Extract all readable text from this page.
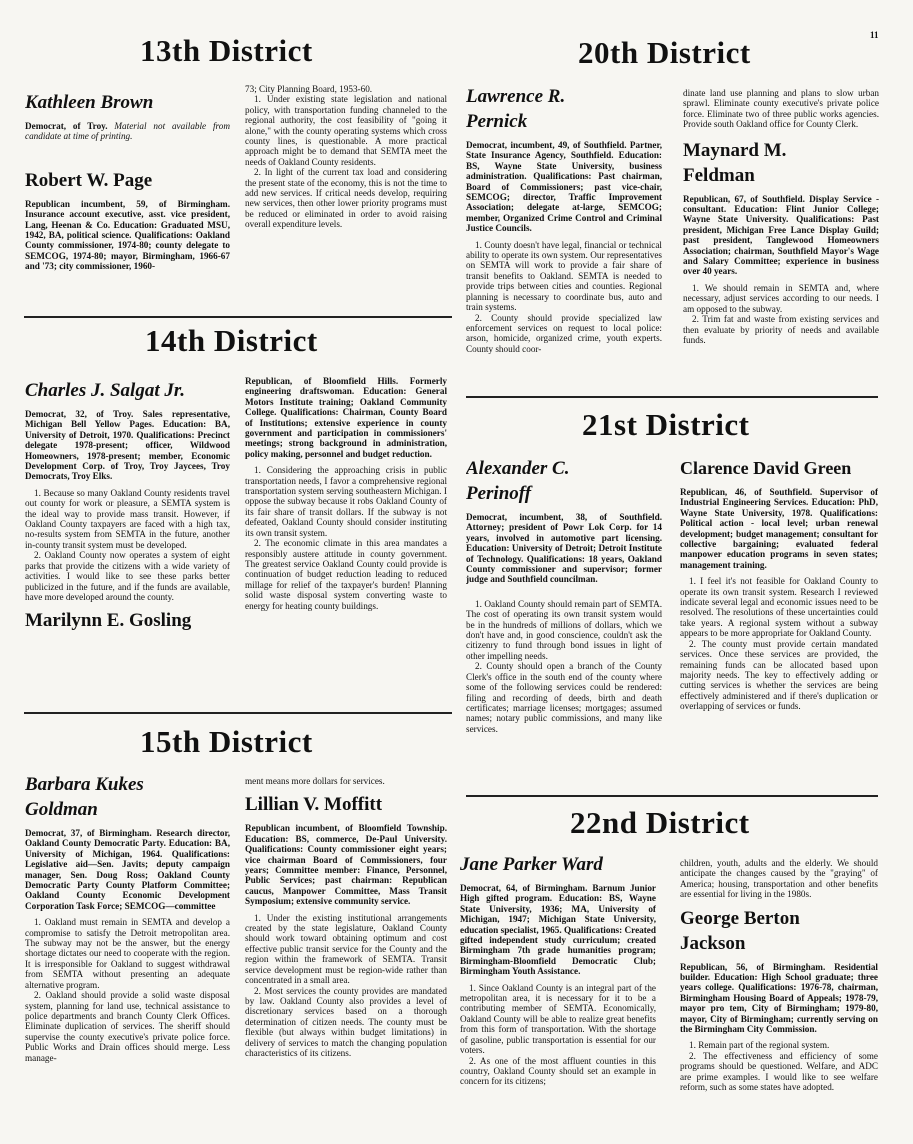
11
13th District
Kathleen Brown

Democrat, of Troy. Material not available from candidate at time of printing.

Robert W. Page

Republican incumbent, 59, of Birmingham. Insurance account executive, asst. vice president, Lang, Heenan & Co. Education: Graduated MSU, 1942, BA, political science. Qualifications: Oakland County commissioner, 1974-80; county delegate to SEMCOG, 1974-80; mayor, Birmingham, 1966-67 and '73; city commissioner, 1960-

73; City Planning Board, 1953-60.

1. Under existing state legislation and national policy, with transportation funding channeled to the regional authority, the cost feasibility of "going it alone," with the county operating systems which cross county lines, is questionable. A more practical approach might be to demand that SEMTA meet the needs of Oakland County residents.

2. In light of the current tax load and considering the present state of the economy, this is not the time to add new services. If critical needs develop, requiring new services, then other lower priority programs must be reduced or eliminated in order to avoid raising overall expenditure levels.

14th District
Charles J. Salgat Jr.

Democrat, 32, of Troy. Sales representative, Michigan Bell Yellow Pages. Education: BA, University of Detroit, 1970. Qualifications: Precinct delegate 1978-present; officer, Wildwood Homeowners, 1978-present; member, Economic Development Corp. of Troy, Troy Jaycees, Troy Democrats, Troy Elks.

1. Because so many Oakland County residents travel out county for work or pleasure, a SEMTA system is the ideal way to provide mass transit. However, if Oakland County taxpayers are faced with a high tax, no-results system from SEMTA in the future, another in-county transit system must be developed.

2. Oakland County now operates a system of eight parks that provide the citizens with a wide variety of activities. I would like to see these parks better publicized in the future, and if the funds are available, have more developed around the county.

Marilynn E. Gosling

Republican, of Bloomfield Hills. Formerly engineering draftswoman. Education: General Motors Institute training; Oakland Community College. Qualifications: Chairman, County Board of Institutions; extensive experience in county government and participation in commissioners' meetings; strong background in administration, policy making, personnel and budget reduction.

1. Considering the approaching crisis in public transportation needs, I favor a comprehensive regional transportation system serving southeastern Michigan. I oppose the subway because it robs Oakland County of its fair share of transit dollars. If the subway is not defeated, Oakland County should consider instituting its own transit system.

2. The economic climate in this area mandates a responsibly austere attitude in county government. The greatest service Oakland County could provide is continuation of budget reduction leading to reduced millage for relief of the taxpayer's burden! Planning solid waste disposal system converting waste to energy for heating county buildings.

15th District
Barbara Kukes
Goldman

Democrat, 37, of Birmingham. Research director, Oakland County Democratic Party. Education: BA, University of Michigan, 1964. Qualifications: Legislative aid—Sen. Javits; deputy campaign manager, Sen. Doug Ross; Oakland County Democratic Party County Platform Committee; Oakland County Economic Development Corporation Task Force; SEMCOG—committee

1. Oakland must remain in SEMTA and develop a compromise to satisfy the Detroit metropolitan area. The subway may not be the answer, but the energy shortage dictates our need to cooperate with the region. It is irresponsible for Oakland to suggest withdrawal from SEMTA without presenting an adequate alternative program.

2. Oakland should provide a solid waste disposal system, planning for land use, technical assistance to police departments and branch County Clerk Offices. Eliminate duplication of services. The sheriff should supervise the county executive's private police force. Public Works and Drain offices should merge. Less manage-

ment means more dollars for services.

Lillian V. Moffitt

Republican incumbent, of Bloomfield Township. Education: BS, commerce, De-Paul University. Qualifications: County commissioner eight years; vice chairman Board of Commissioners, four years; Committee member: Finance, Personnel, Public Services; past chairman: Republican caucus, Manpower Committee, Mass Transit Symposium; extensive community service.

1. Under the existing institutional arrangements created by the state legislature, Oakland County should work toward obtaining optimum and cost effective public transit service for the County and the region within the framework of SEMTA. Transit service development must be region-wide rather than concentrated in a small area.

2. Most services the county provides are mandated by law. Oakland County also provides a level of discretionary services based on a thorough determination of citizen needs. The county must be flexible (but always within budget limitations) in delivery of services to match the changing population characteristics of its citizens.

20th District
Lawrence R.
Pernick

Democrat, incumbent, 49, of Southfield. Partner, State Insurance Agency, Southfield. Education: BS, Wayne State University, business administration. Qualifications: Past chairman, Board of Commissioners; past vice-chair, SEMCOG; director, Traffic Improvement Association; delegate at-large, SEMCOG; member, Organized Crime Control and Criminal Justice Councils.

1. County doesn't have legal, financial or technical ability to operate its own system. Our representatives on SEMTA will work to provide a fair share of transit benefits to Oakland. SEMTA is needed to provide trips between cities and counties. Regional planning is necessary to coordinate bus, auto and train systems.

2. County should provide specialized law enforcement services on request to local police: arson, homicide, organized crime, youth experts. County should coor-

dinate land use planning and plans to slow urban sprawl. Eliminate county executive's private police force. Eliminate two of three public works agencies. Provide south Oakland office for County Clerk.

Maynard M.
Feldman

Republican, 67, of Southfield. Display Service - consultant. Education: Flint Junior College; Wayne State University. Qualifications: Past president, Michigan Free Lance Display Guild; past president, Tanglewood Homeowners Association; chairman, Southfield Mayor's Wage and Salary Committee; experience in business over 40 years.

1. We should remain in SEMTA and, where necessary, adjust services according to our needs. I am opposed to the subway.

2. Trim fat and waste from existing services and then evaluate by priority of needs and available funds.

21st District
Alexander C.
Perinoff

Democrat, incumbent, 38, of Southfield. Attorney; president of Powr Lok Corp. for 14 years, involved in automotive part licensing. Education: University of Detroit; Detroit Institute of Technology. Qualifications: 18 years, Oakland County commissioner and supervisor; former judge and Southfield councilman.

1. Oakland County should remain part of SEMTA. The cost of operating its own transit system would be in the hundreds of millions of dollars, which we don't have and, in good conscience, couldn't ask the citizenry to fund through bond issues in light of other impelling needs.

2. County should open a branch of the County Clerk's office in the south end of the county where some of the following services could be rendered: filing and recording of deeds, birth and death certificates; marriage licenses; mortgages; assumed names; notary public commissions, and many like services.

Clarence David Green

Republican, 46, of Southfield. Supervisor of Industrial Engineering Services. Education: PhD, Wayne State University, 1978. Qualifications: Political action - local level; urban renewal development; budget management; consultant for collective bargaining; evaluated federal manpower education programs in seven states; management training.

1. I feel it's not feasible for Oakland County to operate its own transit system. Research I reviewed indicate several legal and economic issues need to be resolved. The resolutions of these uncertainties could take years. A regional system without a subway appears to be more appropriate for Oakland County.

2. The county must provide certain mandated services. Once these services are provided, the remaining funds can be allocated based upon majority needs. The key to effectively adding or cutting services is whether the services are being effectively administered and if there's duplication or overlapping of services or funds.

22nd District
Jane Parker Ward

Democrat, 64, of Birmingham. Barnum Junior High gifted program. Education: BS, Wayne State University, 1936; MA, University of Michigan, 1947; Michigan State University, education specialist, 1965. Qualifications: Created gifted independent study curriculum; created Birmingham 7th grade humanities program; Birmingham-Bloomfield Democratic Club; Birmingham Youth Assistance.

1. Since Oakland County is an integral part of the metropolitan area, it is necessary for it to be a contributing member of SEMTA. Economically, Oakland County will be able to realize great benefits from this form of transportation. With the shortage of gasoline, public transportation is essential for our voters.

2. As one of the most affluent counties in this country, Oakland County should set an example in concern for its citizens;

children, youth, adults and the elderly. We should anticipate the changes caused by the "graying" of America; housing, transportation and other benefits are essential for living in the 1980s.

George Berton
Jackson

Republican, 56, of Birmingham. Residential builder. Education: High School graduate; three years college. Qualifications: 1976-78, chairman, Birmingham Housing Board of Appeals; 1978-79, mayor pro tem, City of Birmingham; 1979-80, mayor, City of Birmingham; currently serving on the Birmingham City Commission.

1. Remain part of the regional system.

2. The effectiveness and efficiency of some programs should be questioned. Welfare, and ADC are prime examples. I would like to see welfare reform, such as some states have adopted.
